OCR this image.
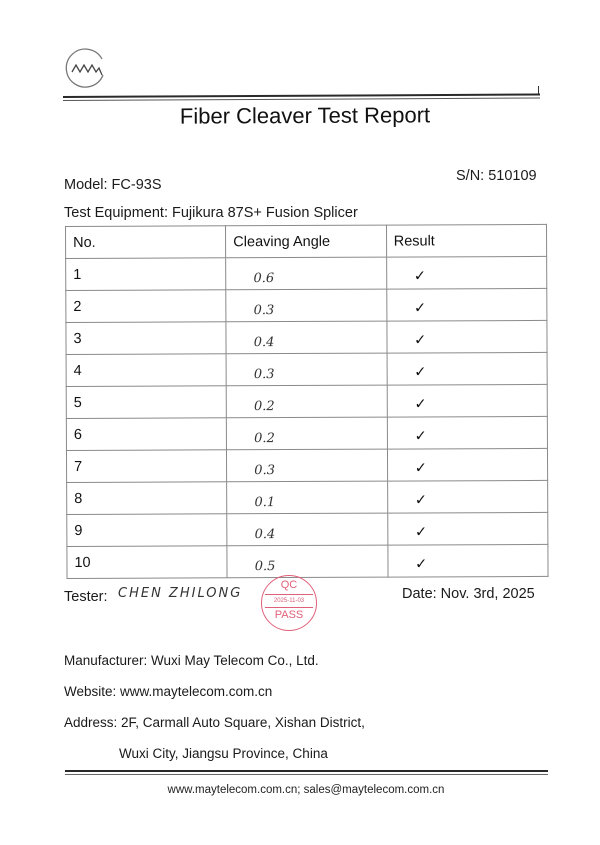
Fiber Cleaver Test Report
Model: FC-93S
S/N: 510109
Test Equipment: Fujikura 87S+ Fusion Splicer
No.	Cleaving Angle	Result
1	0.6	✓
2	0.3	✓
3	0.4	✓
4	0.3	✓
5	0.2	✓
6	0.2	✓
7	0.3	✓
8	0.1	✓
9	0.4	✓
10	0.5	✓
Tester: CHEN ZHILONG
QC
2025-11-03
PASS
Date: Nov. 3rd, 2025
Manufacturer: Wuxi May Telecom Co., Ltd.
Website: www.maytelecom.com.cn
Address: 2F, Carmall Auto Square, Xishan District,
Wuxi City, Jiangsu Province, China
www.maytelecom.com.cn; sales@maytelecom.com.cn
